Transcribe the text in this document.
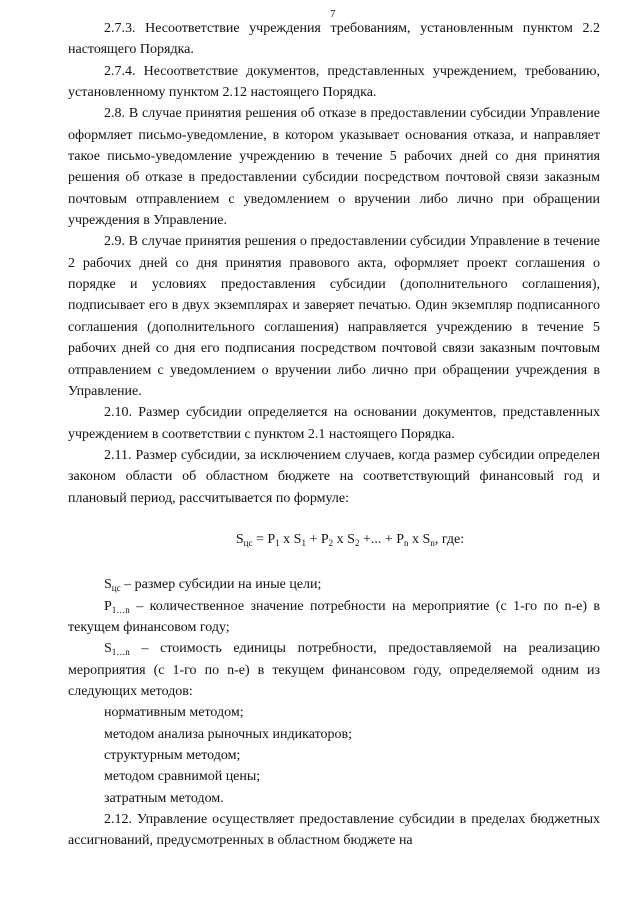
7

2.7.3. Несоответствие учреждения требованиям, установленным пунктом 2.2 настоящего Порядка.

2.7.4. Несоответствие документов, представленных учреждением, требованию, установленному пунктом 2.12 настоящего Порядка.

2.8. В случае принятия решения об отказе в предоставлении субсидии Управление оформляет письмо-уведомление, в котором указывает основания отказа, и направляет такое письмо-уведомление учреждению в течение 5 рабочих дней со дня принятия решения об отказе в предоставлении субсидии посредством почтовой связи заказным почтовым отправлением с уведомлением о вручении либо лично при обращении учреждения в Управление.

2.9. В случае принятия решения о предоставлении субсидии Управление в течение 2 рабочих дней со дня принятия правового акта, оформляет проект соглашения о порядке и условиях предоставления субсидии (дополнительного соглашения), подписывает его в двух экземплярах и заверяет печатью. Один экземпляр подписанного соглашения (дополнительного соглашения) направляется учреждению в течение 5 рабочих дней со дня его подписания посредством почтовой связи заказным почтовым отправлением с уведомлением о вручении либо лично при обращении учреждения в Управление.

2.10. Размер субсидии определяется на основании документов, представленных учреждением в соответствии с пунктом 2.1 настоящего Порядка.

2.11. Размер субсидии, за исключением случаев, когда размер субсидии определен законом области об областном бюджете на соответствующий финансовый год и плановый период, рассчитывается по формуле:

$S_{цс} = P_1$ x $S_1 + P_2$ x $S_2$ +... + $P_n$ x $S_n$, где:

$S_{цс}$ – размер субсидии на иные цели;

$P_{1\dots n}$ – количественное значение потребности на мероприятие (с 1-го по n-е) в текущем финансовом году;

$S_{1\dots n}$ – стоимость единицы потребности, предоставляемой на реализацию мероприятия (с 1-го по n-е) в текущем финансовом году, определяемой одним из следующих методов:

нормативным методом;

методом анализа рыночных индикаторов;

структурным методом;

методом сравнимой цены;

затратным методом.

2.12. Управление осуществляет предоставление субсидии в пределах бюджетных ассигнований, предусмотренных в областном бюджете на
